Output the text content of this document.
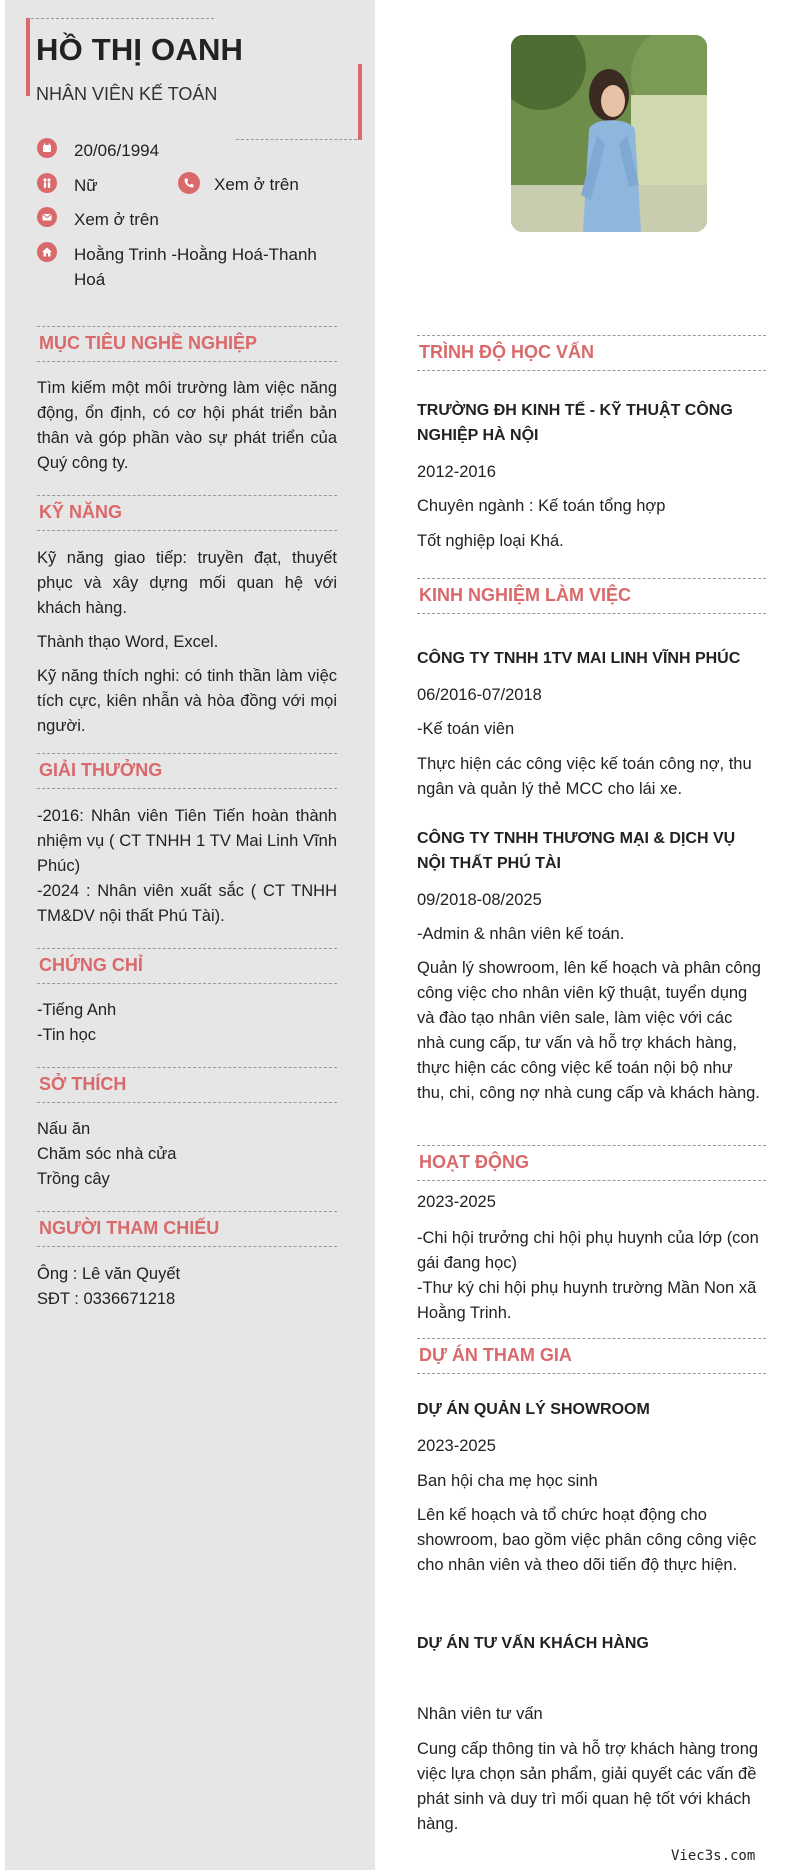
HỒ THỊ OANH
NHÂN VIÊN KẾ TOÁN
20/06/1994
Nữ	Xem ở trên
Xem ở trên
Hoằng Trinh -Hoằng Hoá-Thanh Hoá
MỤC TIÊU NGHỀ NGHIỆP
Tìm kiếm một môi trường làm việc năng động, ổn định, có cơ hội phát triển bản thân và góp phần vào sự phát triển của Quý công ty.
KỸ NĂNG
Kỹ năng giao tiếp: truyền đạt, thuyết phục và xây dựng mối quan hệ với khách hàng.
Thành thạo Word, Excel.
Kỹ năng thích nghi: có tinh thần làm việc tích cực, kiên nhẫn và hòa đồng với mọi người.
GIẢI THƯỞNG
-2016: Nhân viên Tiên Tiến hoàn thành nhiệm vụ ( CT TNHH 1 TV Mai Linh Vĩnh Phúc)
-2024 : Nhân viên xuất sắc ( CT TNHH TM&DV nội thất Phú Tài).
CHỨNG CHỈ
-Tiếng Anh
-Tin học
SỞ THÍCH
Nấu ăn
Chăm sóc nhà cửa
Trồng cây
NGƯỜI THAM CHIẾU
Ông : Lê văn Quyết
SĐT : 0336671218
TRÌNH ĐỘ HỌC VẤN
TRƯỜNG ĐH KINH TẾ - KỸ THUẬT CÔNG NGHIỆP HÀ NỘI
2012-2016
Chuyên ngành : Kế toán tổng hợp
Tốt nghiệp loại Khá.
KINH NGHIỆM LÀM VIỆC
CÔNG TY TNHH 1TV MAI LINH VĨNH PHÚC
06/2016-07/2018
-Kế toán viên
Thực hiện các công việc kế toán công nợ, thu ngân và quản lý thẻ MCC cho lái xe.
CÔNG TY TNHH THƯƠNG MẠI & DỊCH VỤ NỘI THẤT PHÚ TÀI
09/2018-08/2025
-Admin & nhân viên kế toán.
Quản lý showroom, lên kế hoạch và phân công công việc cho nhân viên kỹ thuật, tuyển dụng và đào tạo nhân viên sale, làm việc với các nhà cung cấp, tư vấn và hỗ trợ khách hàng, thực hiện các công việc kế toán nội bộ như thu, chi, công nợ nhà cung cấp và khách hàng.
HOẠT ĐỘNG
2023-2025
-Chi hội trưởng chi hội phụ huynh của lớp (con gái đang học)
-Thư ký chi hội phụ huynh trường Mần Non xã Hoằng Trinh.
DỰ ÁN THAM GIA
DỰ ÁN QUẢN LÝ SHOWROOM
2023-2025
Ban hội cha mẹ học sinh
Lên kế hoạch và tổ chức hoạt động cho showroom, bao gồm việc phân công công việc cho nhân viên và theo dõi tiến độ thực hiện.
DỰ ÁN TƯ VẤN KHÁCH HÀNG
Nhân viên tư vấn
Cung cấp thông tin và hỗ trợ khách hàng trong việc lựa chọn sản phẩm, giải quyết các vấn đề phát sinh và duy trì mối quan hệ tốt với khách hàng.
Viec3s.com
